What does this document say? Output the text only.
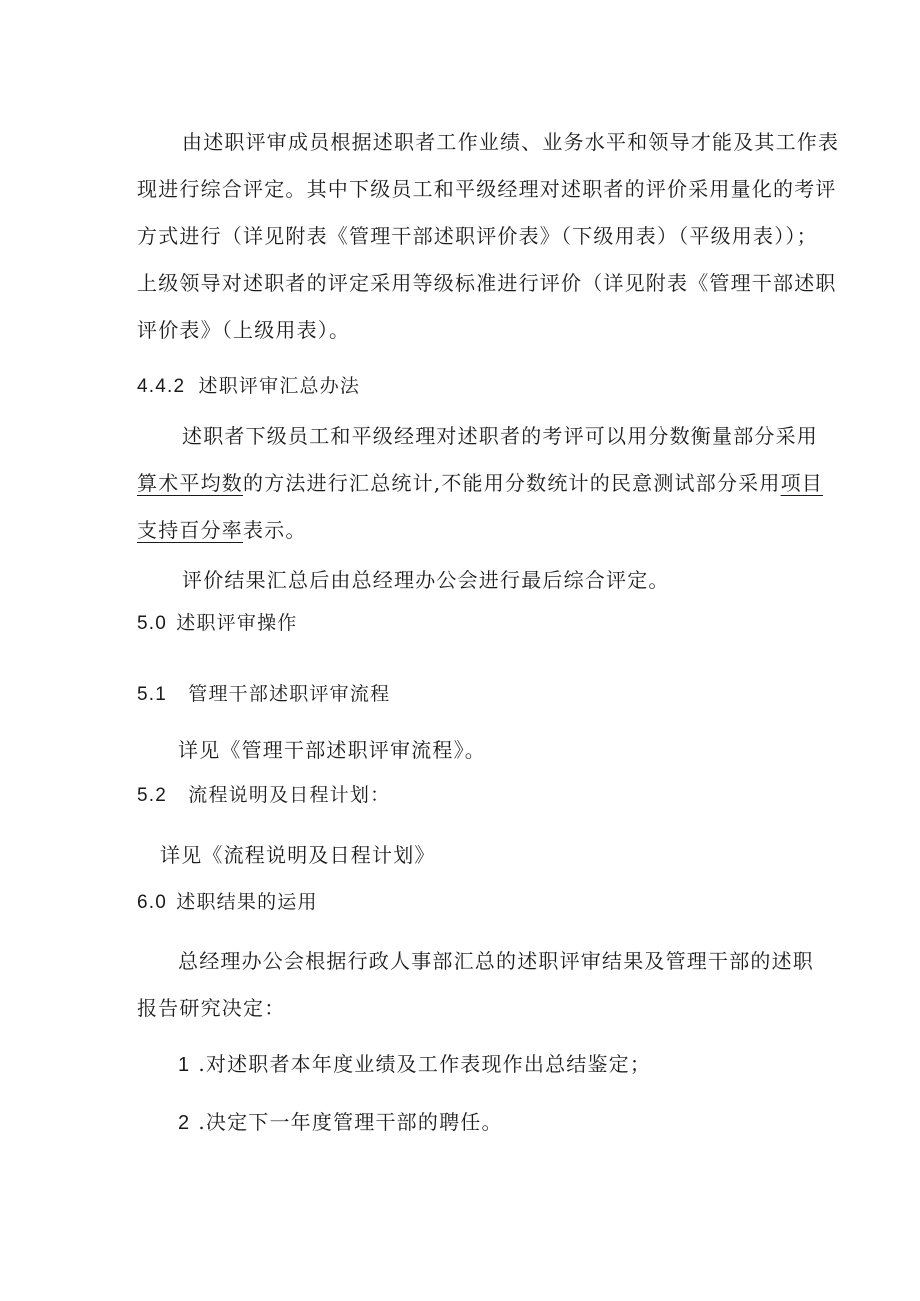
由述职评审成员根据述职者工作业绩、业务水平和领导才能及其工作表
现进行综合评定。其中下级员工和平级经理对述职者的评价采用量化的考评
方式进行（详见附表《管理干部述职评价表》（下级用表）（平级用表））；
上级领导对述职者的评定采用等级标准进行评价（详见附表《管理干部述职
评价表》（上级用表）。
4.4.2 述职评审汇总办法
述职者下级员工和平级经理对述职者的考评可以用分数衡量部分采用
算术平均数的方法进行汇总统计,不能用分数统计的民意测试部分采用项目
支持百分率表示。
评价结果汇总后由总经理办公会进行最后综合评定。
5.0 述职评审操作
5.1 管理干部述职评审流程
详见《管理干部述职评审流程》。
5.2 流程说明及日程计划：
详见《流程说明及日程计划》
6.0 述职结果的运用
总经理办公会根据行政人事部汇总的述职评审结果及管理干部的述职
报告研究决定：
1 .对述职者本年度业绩及工作表现作出总结鉴定；
2 .决定下一年度管理干部的聘任。
